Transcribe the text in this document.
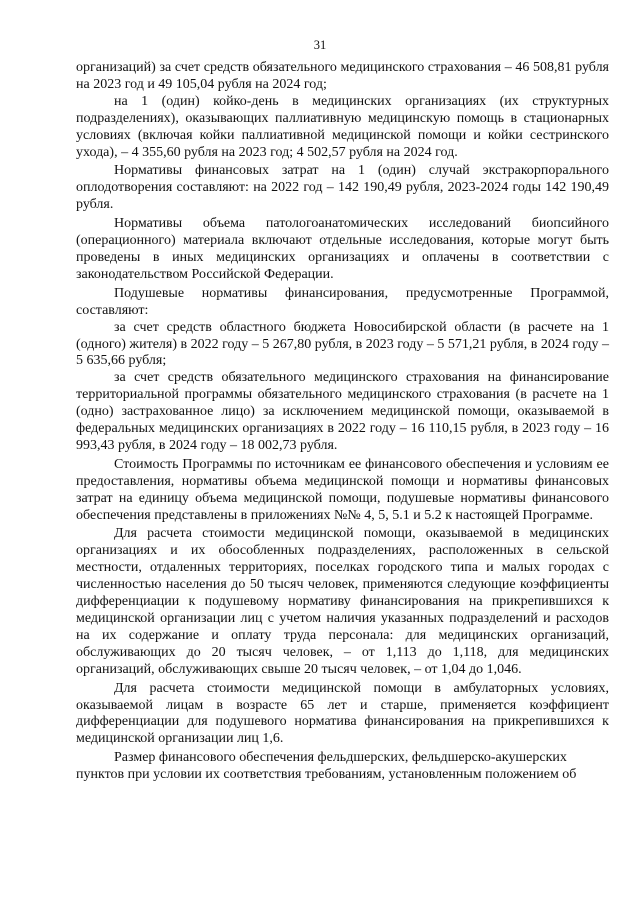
31

организаций) за счет средств обязательного медицинского страхования – 46 508,81 рубля на 2023 год и 49 105,04 рубля на 2024 год;

на 1 (один) койко-день в медицинских организациях (их структурных подразделениях), оказывающих паллиативную медицинскую помощь в стационарных условиях (включая койки паллиативной медицинской помощи и койки сестринского ухода), – 4 355,60 рубля на 2023 год; 4 502,57 рубля на 2024 год.

Нормативы финансовых затрат на 1 (один) случай экстракорпорального оплодотворения составляют: на 2022 год – 142 190,49 рубля, 2023-2024 годы 142 190,49 рубля.

Нормативы объема патологоанатомических исследований биопсийного (операционного) материала включают отдельные исследования, которые могут быть проведены в иных медицинских организациях и оплачены в соответствии с законодательством Российской Федерации.

Подушевые нормативы финансирования, предусмотренные Программой, составляют:

за счет средств областного бюджета Новосибирской области (в расчете на 1 (одного) жителя) в 2022 году – 5 267,80 рубля, в 2023 году – 5 571,21 рубля, в 2024 году – 5 635,66 рубля;

за счет средств обязательного медицинского страхования на финансирование территориальной программы обязательного медицинского страхования (в расчете на 1 (одно) застрахованное лицо) за исключением медицинской помощи, оказываемой в федеральных медицинских организациях в 2022 году – 16 110,15 рубля, в 2023 году – 16 993,43 рубля, в 2024 году – 18 002,73 рубля.

Стоимость Программы по источникам ее финансового обеспечения и условиям ее предоставления, нормативы объема медицинской помощи и нормативы финансовых затрат на единицу объема медицинской помощи, подушевые нормативы финансового обеспечения представлены в приложениях №№ 4, 5, 5.1 и 5.2 к настоящей Программе.

Для расчета стоимости медицинской помощи, оказываемой в медицинских организациях и их обособленных подразделениях, расположенных в сельской местности, отдаленных территориях, поселках городского типа и малых городах с численностью населения до 50 тысяч человек, применяются следующие коэффициенты дифференциации к подушевому нормативу финансирования на прикрепившихся к медицинской организации лиц с учетом наличия указанных подразделений и расходов на их содержание и оплату труда персонала: для медицинских организаций, обслуживающих до 20 тысяч человек, – от 1,113 до 1,118, для медицинских организаций, обслуживающих свыше 20 тысяч человек, – от 1,04 до 1,046.

Для расчета стоимости медицинской помощи в амбулаторных условиях, оказываемой лицам в возрасте 65 лет и старше, применяется коэффициент дифференциации для подушевого норматива финансирования на прикрепившихся к медицинской организации лиц 1,6.

Размер финансового обеспечения фельдшерских, фельдшерско-акушерских пунктов при условии их соответствия требованиям, установленным положением об
